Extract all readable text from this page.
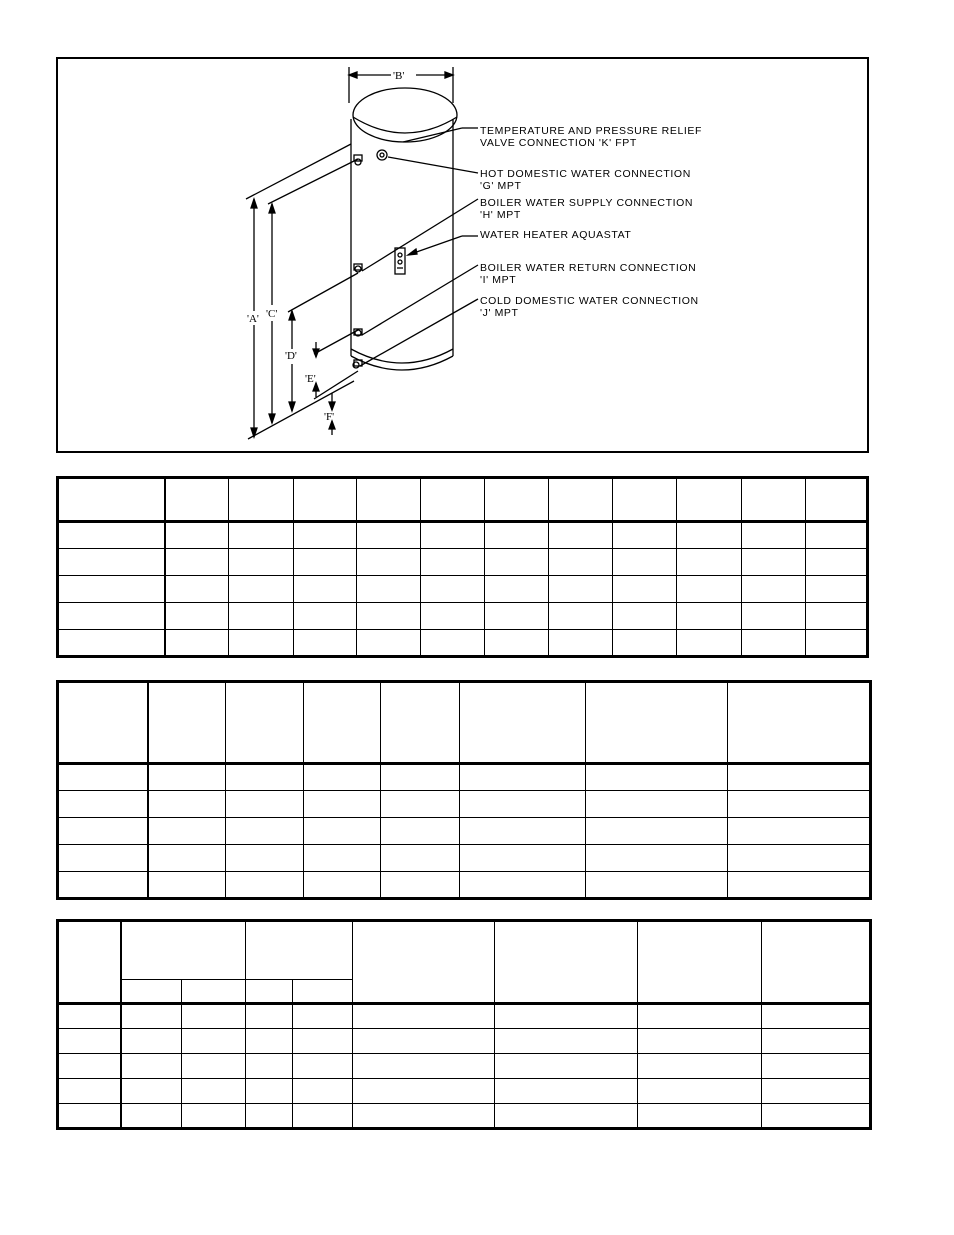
'B'
'A' 'C'
'D'
'E'
'F'
TEMPERATURE AND PRESSURE RELIEF
VALVE CONNECTION 'K' FPT
HOT DOMESTIC WATER CONNECTION
'G' MPT
BOILER WATER SUPPLY CONNECTION
'H' MPT
WATER HEATER AQUASTAT
BOILER WATER RETURN CONNECTION
'I' MPT
COLD DOMESTIC WATER CONNECTION
'J' MPT
